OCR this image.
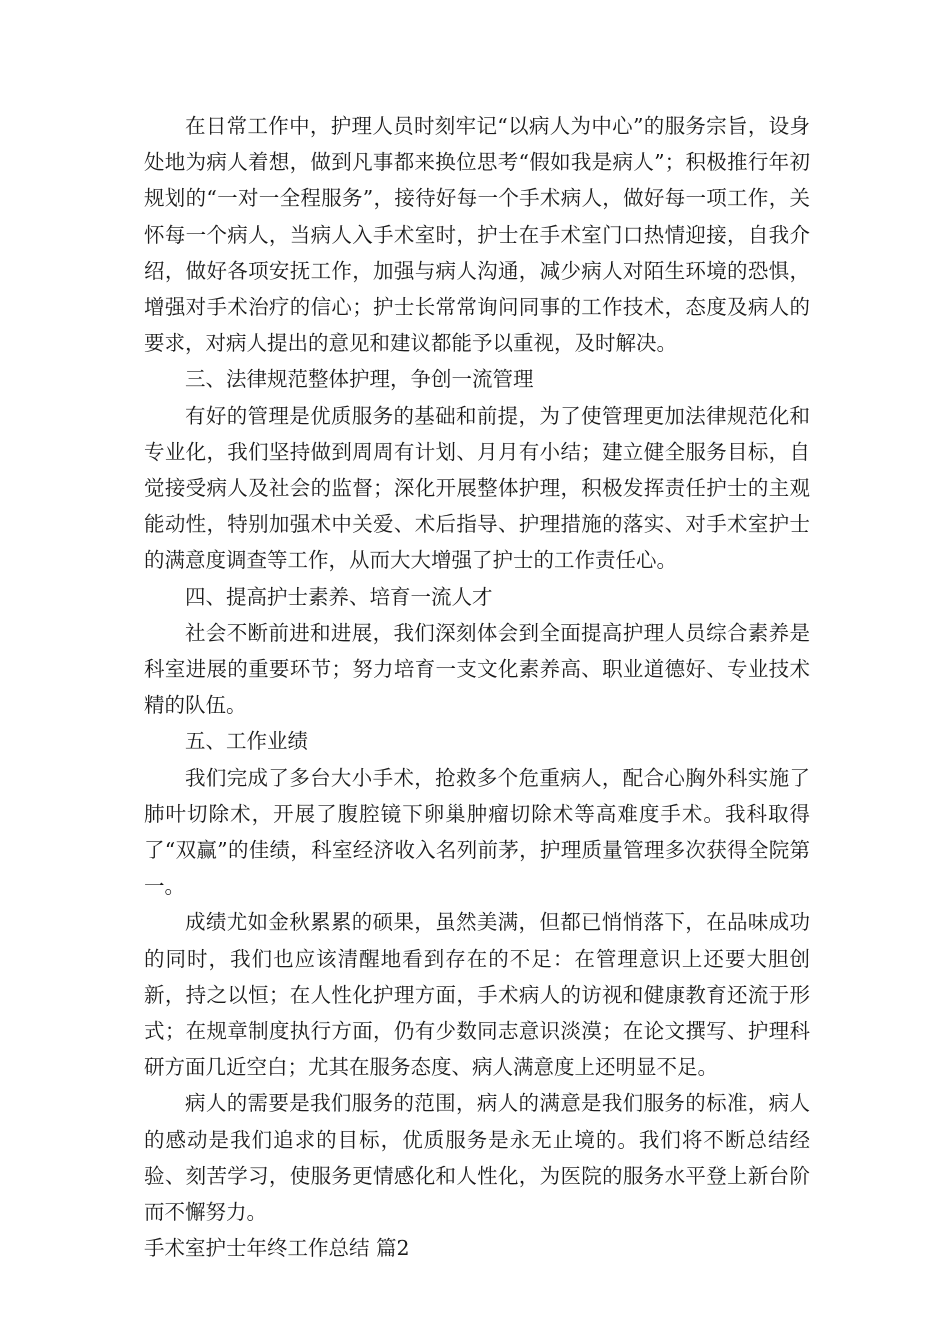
在日常工作中，护理人员时刻牢记“以病人为中心”的服务宗旨，设身处地为病人着想，做到凡事都来换位思考“假如我是病人”；积极推行年初规划的“一对一全程服务”，接待好每一个手术病人，做好每一项工作，关怀每一个病人，当病人入手术室时，护士在手术室门口热情迎接，自我介绍，做好各项安抚工作，加强与病人沟通，减少病人对陌生环境的恐惧，增强对手术治疗的信心；护士长常常询问同事的工作技术，态度及病人的要求，对病人提出的意见和建议都能予以重视，及时解决。

三、法律规范整体护理，争创一流管理

有好的管理是优质服务的基础和前提，为了使管理更加法律规范化和专业化，我们坚持做到周周有计划、月月有小结；建立健全服务目标，自觉接受病人及社会的监督；深化开展整体护理，积极发挥责任护士的主观能动性，特别加强术中关爱、术后指导、护理措施的落实、对手术室护士的满意度调查等工作，从而大大增强了护士的工作责任心。

四、提高护士素养、培育一流人才

社会不断前进和进展，我们深刻体会到全面提高护理人员综合素养是科室进展的重要环节；努力培育一支文化素养高、职业道德好、专业技术精的队伍。

五、工作业绩

我们完成了多台大小手术，抢救多个危重病人，配合心胸外科实施了肺叶切除术，开展了腹腔镜下卵巢肿瘤切除术等高难度手术。我科取得了“双赢”的佳绩，科室经济收入名列前茅，护理质量管理多次获得全院第一。

成绩尤如金秋累累的硕果，虽然美满，但都已悄悄落下，在品味成功的同时，我们也应该清醒地看到存在的不足：在管理意识上还要大胆创新，持之以恒；在人性化护理方面，手术病人的访视和健康教育还流于形式；在规章制度执行方面，仍有少数同志意识淡漠；在论文撰写、护理科研方面几近空白；尤其在服务态度、病人满意度上还明显不足。

病人的需要是我们服务的范围，病人的满意是我们服务的标准，病人的感动是我们追求的目标，优质服务是永无止境的。我们将不断总结经验、刻苦学习，使服务更情感化和人性化，为医院的服务水平登上新台阶而不懈努力。

手术室护士年终工作总结 篇2
